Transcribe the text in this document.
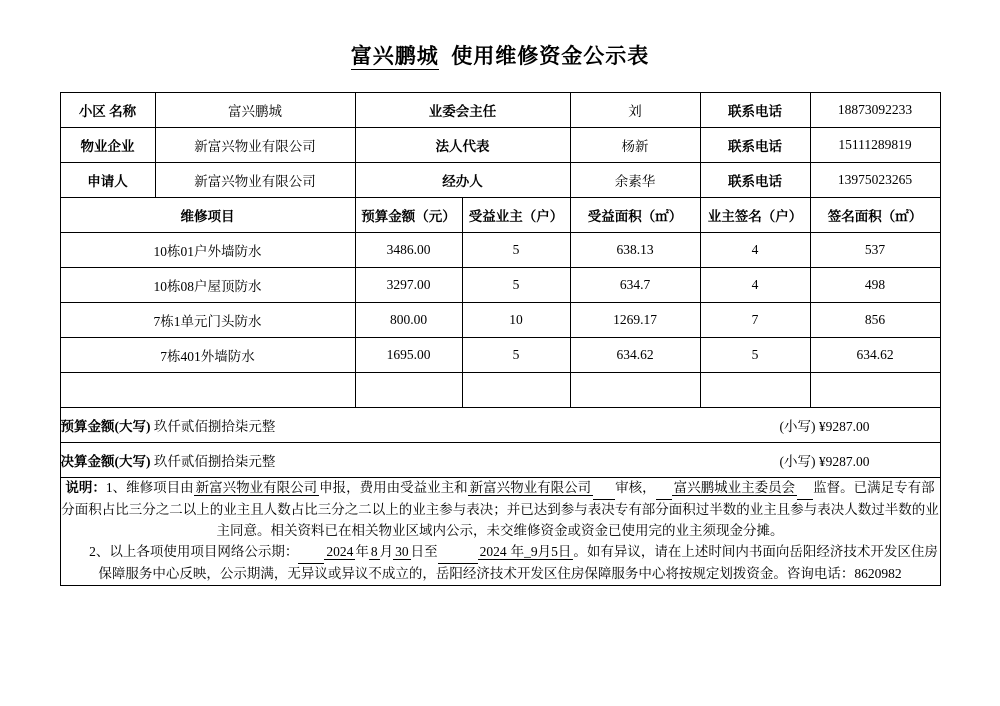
富兴鹏城 使用维修资金公示表
小区 名称	富兴鹏城	业委会主任		刘	联系电话	18873092233
物业企业	新富兴物业有限公司	法人代表		杨新	联系电话	15111289819
申请人	新富兴物业有限公司	经办人		余素华	联系电话	13975023265
维修项目		预算金额（元）	受益业主（户）	受益面积（㎡）	业主签名（户）	签名面积（㎡）
10栋01户外墙防水		3486.00	5	638.13	4	537
10栋08户屋顶防水		3297.00	5	634.7	4	498
7栋1单元门头防水		800.00	10	1269.17	7	856
7栋401外墙防水		1695.00	5	634.62	5	634.62

预算金额(大写) 玖仟贰佰捌拾柒元整 (小写) ¥9287.00						

决算金额(大写) 玖仟贰佰捌拾柒元整 (小写) ¥9287.00						

说明：1、维修项目由 新富兴物业有限公司 申报，费用由受益业主和 新富兴物业有限公司 审核， 富兴鹏城业主委员会 监督。已满足专有部分面积占比三分之二以上的业主且人数占比三分之二以上的业主参与表决；并已达到参与表决专有部分面积过半数的业主且参与表决人数过半数的业主同意。相关资料已在相关物业区域内公示，未交维修资金或资金已使用完的业主须现金分摊。

2、以上各项使用项目网络公示期： 2024 年 8 月 30 日至 2024 年_9月5日 。如有异议，请在上述时间内书面向岳阳经济技术开发区住房保障服务中心反映，公示期满，无异议或异议不成立的，岳阳经济技术开发区住房保障服务中心将按规定划拨资金。咨询电话：8620982						
